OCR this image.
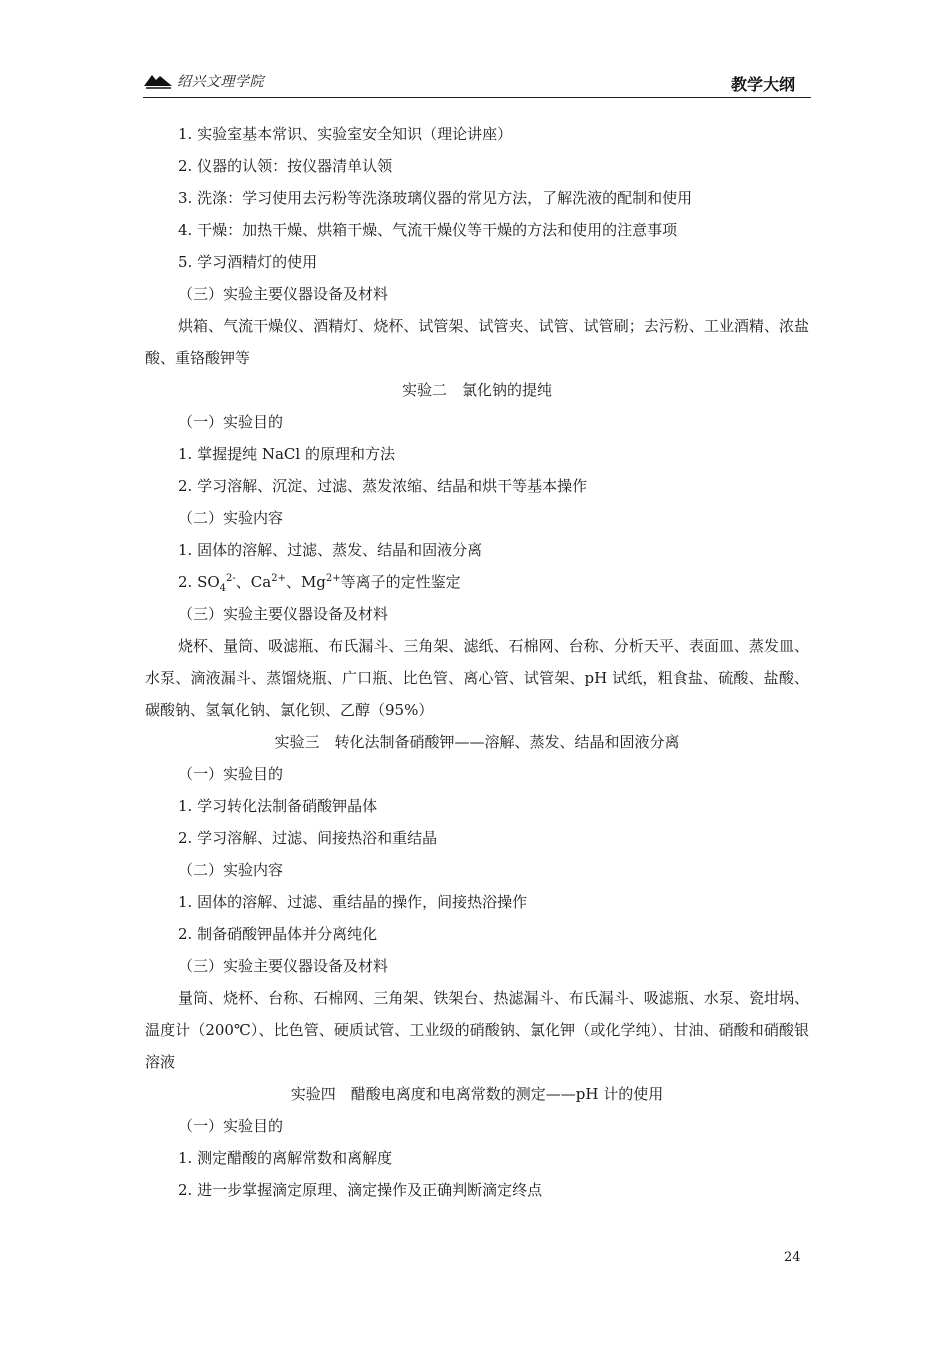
绍兴文理学院	教学大纲
1. 实验室基本常识、实验室安全知识（理论讲座）
2. 仪器的认领：按仪器清单认领
3. 洗涤：学习使用去污粉等洗涤玻璃仪器的常见方法，了解洗液的配制和使用
4. 干燥：加热干燥、烘箱干燥、气流干燥仪等干燥的方法和使用的注意事项
5. 学习酒精灯的使用
（三）实验主要仪器设备及材料
烘箱、气流干燥仪、酒精灯、烧杯、试管架、试管夹、试管、试管刷；去污粉、工业酒精、浓盐酸、重铬酸钾等
实验二　氯化钠的提纯
（一）实验目的
1. 掌握提纯 NaCl 的原理和方法
2. 学习溶解、沉淀、过滤、蒸发浓缩、结晶和烘干等基本操作
（二）实验内容
1. 固体的溶解、过滤、蒸发、结晶和固液分离
2. $SO_4^{2-}$、$Ca^{2+}$、$Mg^{2+}$等离子的定性鉴定
（三）实验主要仪器设备及材料
烧杯、量筒、吸滤瓶、布氏漏斗、三角架、滤纸、石棉网、台称、分析天平、表面皿、蒸发皿、水泵、滴液漏斗、蒸馏烧瓶、广口瓶、比色管、离心管、试管架、pH 试纸，粗食盐、硫酸、盐酸、碳酸钠、氢氧化钠、氯化钡、乙醇（95%）
实验三　转化法制备硝酸钾——溶解、蒸发、结晶和固液分离
（一）实验目的
1. 学习转化法制备硝酸钾晶体
2. 学习溶解、过滤、间接热浴和重结晶
（二）实验内容
1. 固体的溶解、过滤、重结晶的操作，间接热浴操作
2. 制备硝酸钾晶体并分离纯化
（三）实验主要仪器设备及材料
量筒、烧杯、台称、石棉网、三角架、铁架台、热滤漏斗、布氏漏斗、吸滤瓶、水泵、瓷坩埚、温度计（200℃）、比色管、硬质试管、工业级的硝酸钠、氯化钾（或化学纯）、甘油、硝酸和硝酸银溶液
实验四　醋酸电离度和电离常数的测定——pH 计的使用
（一）实验目的
1. 测定醋酸的离解常数和离解度
2. 进一步掌握滴定原理、滴定操作及正确判断滴定终点
24
